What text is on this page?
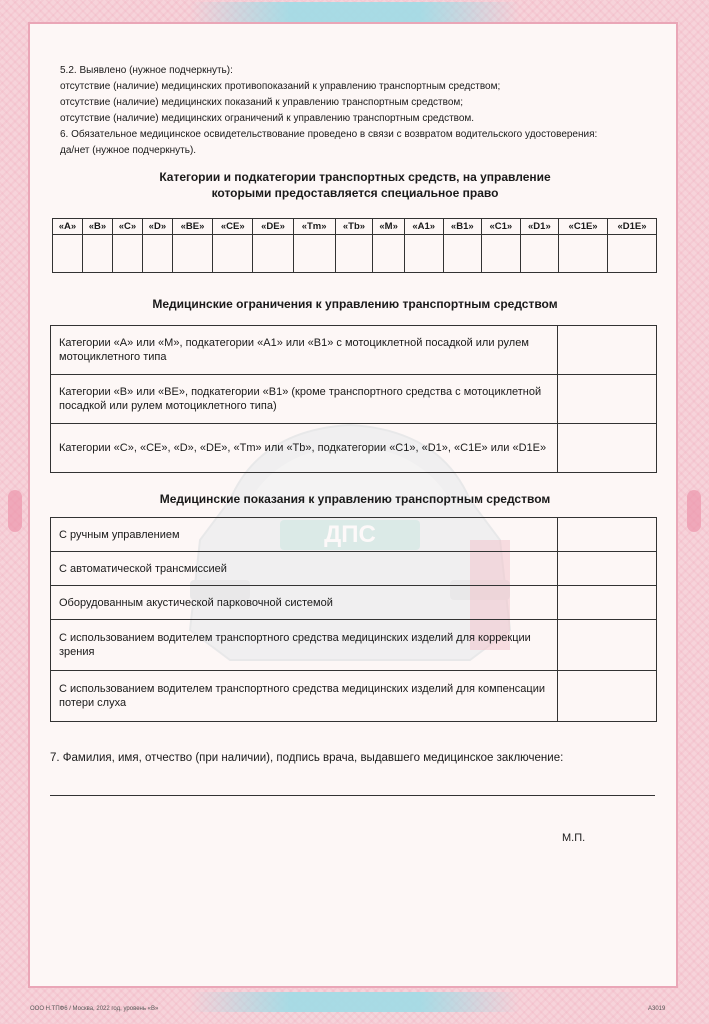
ДПС
5.2. Выявлено (нужное подчеркнуть):
отсутствие (наличие) медицинских противопоказаний к управлению транспортным средством;
отсутствие (наличие) медицинских показаний к управлению транспортным средством;
отсутствие (наличие) медицинских ограничений к управлению транспортным средством.
6. Обязательное медицинское освидетельствование проведено в связи с возвратом водительского удостоверения:
да/нет (нужное подчеркнуть).
Категории и подкатегории транспортных средств, на управление
которыми предоставляется специальное право
«A»	«B»	«C»	«D»	«BE»	«CE»	«DE»	«Tm»	«Tb»	«M»	«A1»	«B1»	«C1»	«D1»	«C1E»	«D1E»

Медицинские ограничения к управлению транспортным средством
Категории «A» или «M», подкатегории «A1» или «B1» с мотоциклетной посадкой или рулем мотоциклетного типа	
Категории «B» или «BE», подкатегории «B1» (кроме транспортного средства с мотоциклетной посадкой или рулем мотоциклетного типа)	
Категории «C», «CE», «D», «DE», «Tm» или «Tb», подкатегории «C1», «D1», «C1E» или «D1E»	
Медицинские показания к управлению транспортным средством
С ручным управлением	
С автоматической трансмиссией	
Оборудованным акустической парковочной системой	
С использованием водителем транспортного средства медицинских изделий для коррекции зрения	
С использованием водителем транспортного средства медицинских изделий для компенсации потери слуха	
7. Фамилия, имя, отчество (при наличии), подпись врача, выдавшего медицинское заключение:
М.П.
ООО Н.ТПФ6 / Москва, 2022 год, уровень «В»	A3019
